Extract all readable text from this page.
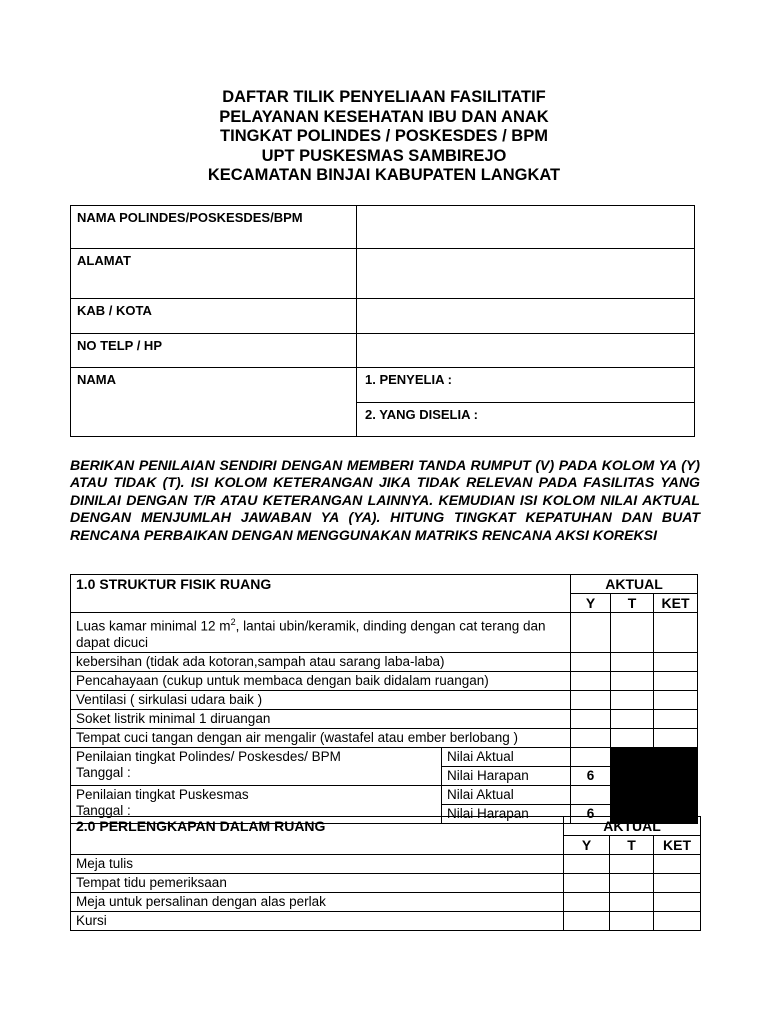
DAFTAR TILIK PENYELIAAN FASILITATIF
PELAYANAN KESEHATAN IBU DAN ANAK
TINGKAT POLINDES / POSKESDES / BPM
UPT PUSKESMAS SAMBIREJO
KECAMATAN BINJAI KABUPATEN LANGKAT
NAMA POLINDES/POSKESDES/BPM	
ALAMAT	
KAB / KOTA	
NO TELP / HP	
NAMA	1. PENYELIA :
	2. YANG DISELIA :
BERIKAN PENILAIAN SENDIRI DENGAN MEMBERI TANDA RUMPUT (V) PADA KOLOM YA (Y) ATAU TIDAK (T). ISI KOLOM KETERANGAN JIKA TIDAK RELEVAN PADA FASILITAS YANG DINILAI DENGAN T/R ATAU KETERANGAN LAINNYA. KEMUDIAN ISI KOLOM NILAI AKTUAL DENGAN MENJUMLAH JAWABAN YA (YA). HITUNG TINGKAT KEPATUHAN DAN BUAT RENCANA PERBAIKAN DENGAN MENGGUNAKAN MATRIKS RENCANA AKSI KOREKSI
1.0 STRUKTUR FISIK RUANG		AKTUAL		
		Y	T	KET
Luas kamar minimal 12 $m^2$, lantai ubin/keramik, dinding dengan cat terang dan dapat dicuci				
kebersihan (tidak ada kotoran,sampah atau sarang laba-laba)				
Pencahayaan (cukup untuk membaca dengan baik didalam ruangan)				
Ventilasi ( sirkulasi udara baik )				
Soket listrik minimal 1 diruangan				
Tempat cuci tangan dengan air mengalir (wastafel atau ember berlobang )				

Penilaian tingkat Polindes/ Poskesdes/ BPM
Tanggal :	Nilai Aktual			
	Nilai Harapan	6		

Penilaian tingkat Puskesmas
Tanggal :	Nilai Aktual			
	Nilai Harapan	6		
2.0 PERLENGKAPAN DALAM RUANG	AKTUAL		
	Y	T	KET
Meja tulis			
Tempat tidu pemeriksaan			
Meja untuk persalinan dengan alas perlak			
Kursi			
